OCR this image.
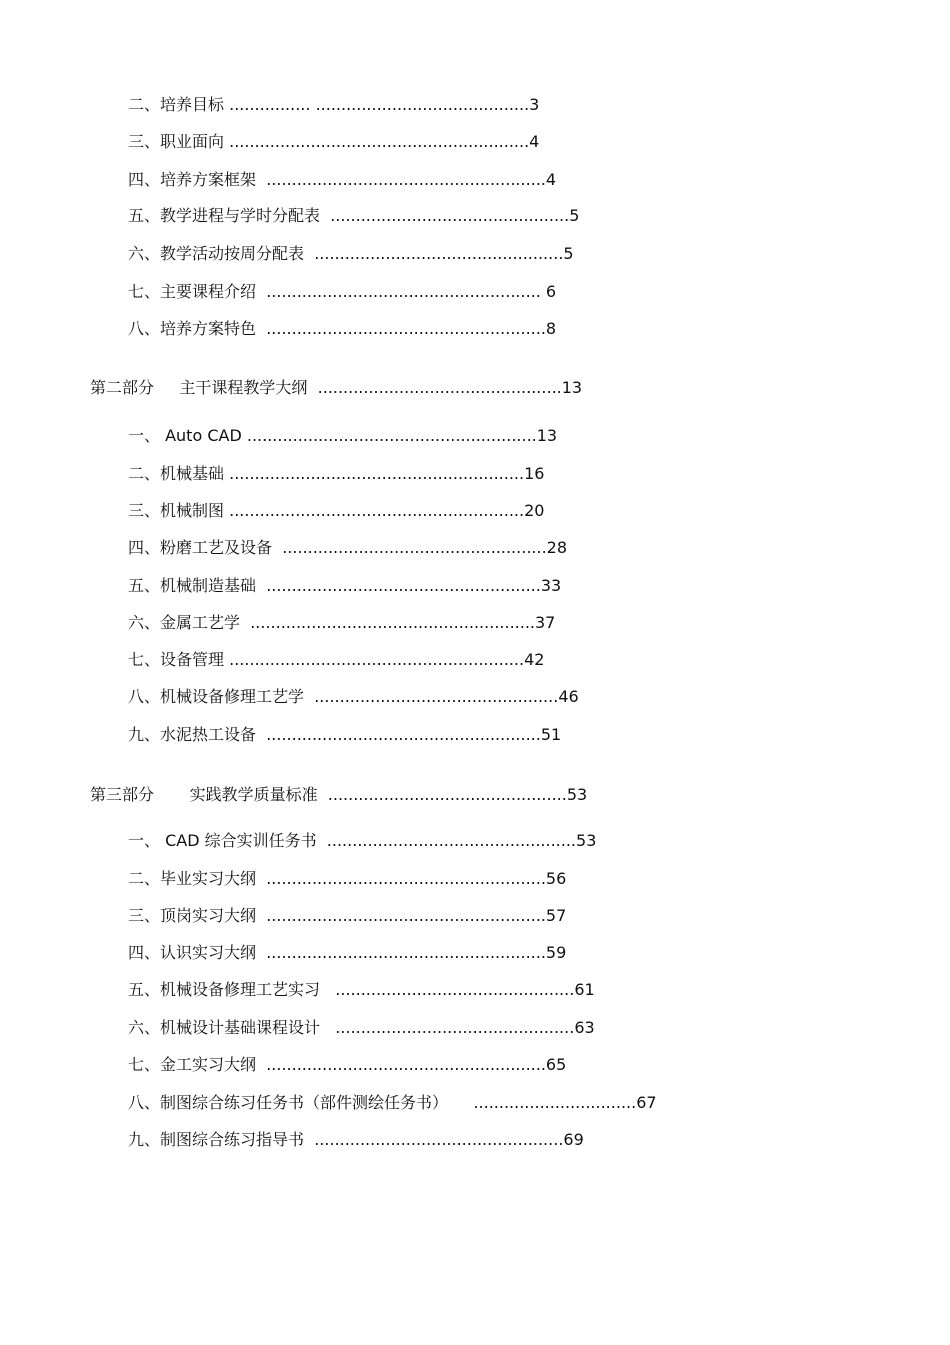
二、培养目标 ................ ..........................................3
三、职业面向 ...........................................................4
四、培养方案框架  .......................................................4
五、教学进程与学时分配表  ...............................................5
六、教学活动按周分配表  .................................................5
七、主要课程介绍  ...................................................... 6
八、培养方案特色  .......................................................8
第二部分     主干课程教学大纲  ................................................13
一、 Auto CAD .........................................................13
二、机械基础 ..........................................................16
三、机械制图 ..........................................................20
四、粉磨工艺及设备  ....................................................28
五、机械制造基础  ......................................................33
六、金属工艺学  ........................................................37
七、设备管理 ..........................................................42
八、机械设备修理工艺学  ................................................46
九、水泥热工设备  ......................................................51
第三部分       实践教学质量标准  ...............................................53
一、 CAD 综合实训任务书  .................................................53
二、毕业实习大纲  .......................................................56
三、顶岗实习大纲  .......................................................57
四、认识实习大纲  .......................................................59
五、机械设备修理工艺实习   ...............................................61
六、机械设计基础课程设计   ...............................................63
七、金工实习大纲  .......................................................65
八、制图综合练习任务书（部件测绘任务书）     ................................67
九、制图综合练习指导书  .................................................69
